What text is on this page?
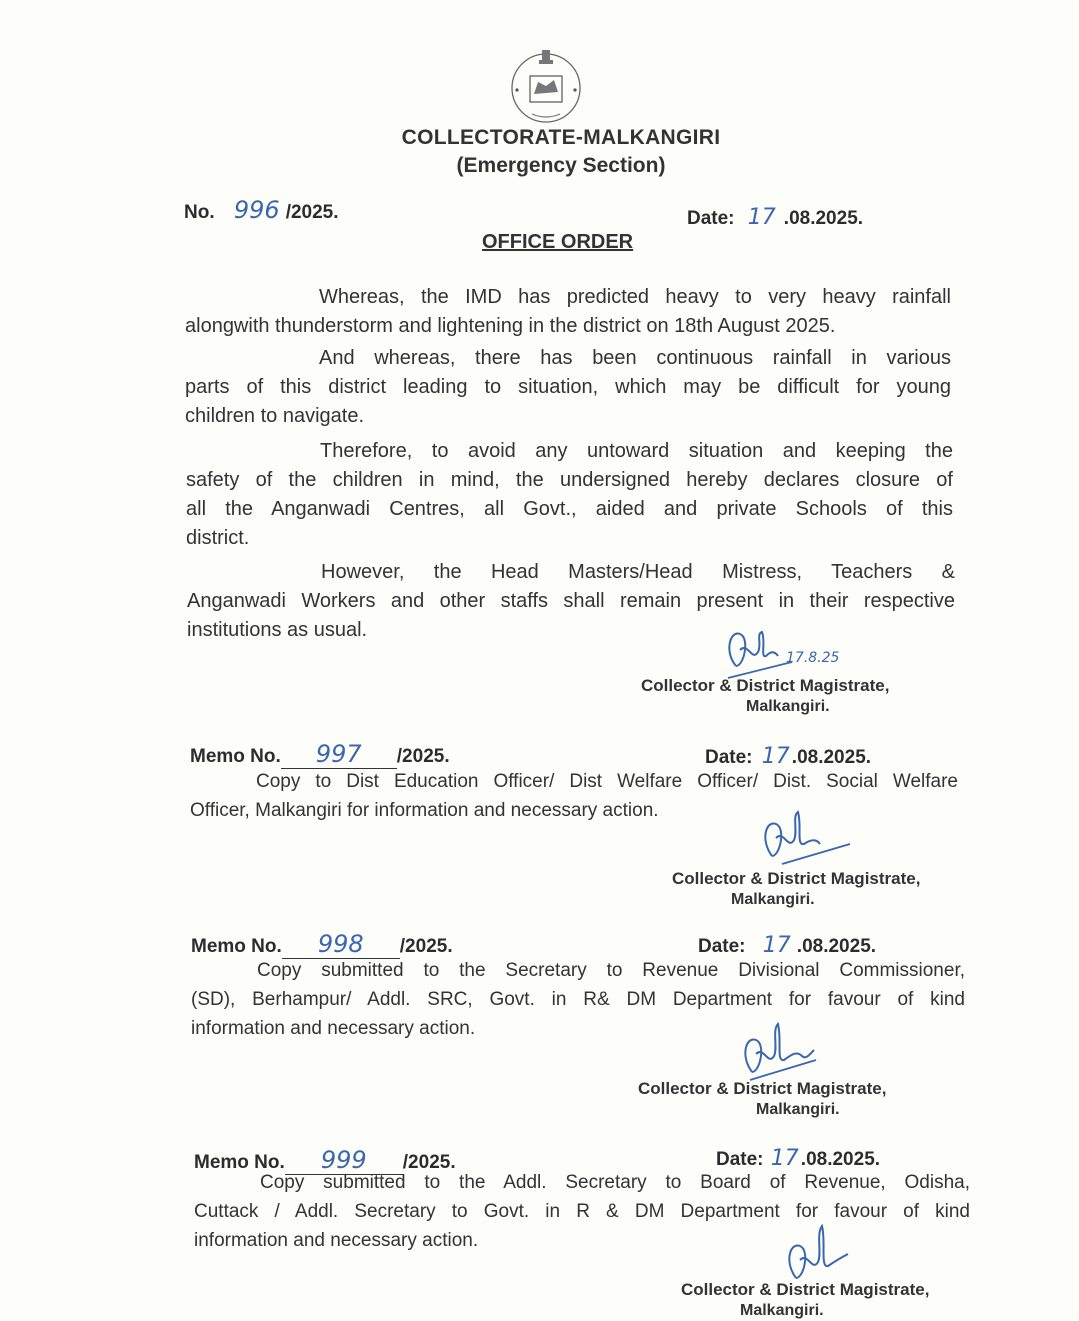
COLLECTORATE-MALKANGIRI
(Emergency Section)
No. 996 /2025.	Date: 17 .08.2025.
OFFICE ORDER
Whereas, the IMD has predicted heavy to very heavy rainfall
alongwith thunderstorm and lightening in the district on 18th August 2025.
And whereas, there has been continuous rainfall in various
parts of this district leading to situation, which may be difficult for young
children to navigate.
Therefore, to avoid any untoward situation and keeping the
safety of the children in mind, the undersigned hereby declares closure of
all the Anganwadi Centres, all Govt., aided and private Schools of this
district.
However, the Head Masters/Head Mistress, Teachers &
Anganwadi Workers and other staffs shall remain present in their respective
institutions as usual.
17.8.25
Collector & District Magistrate,
Malkangiri.
Memo No. 997 /2025.	Date: 17 .08.2025.
Copy to Dist Education Officer/ Dist Welfare Officer/ Dist. Social Welfare
Officer, Malkangiri for information and necessary action.
Collector & District Magistrate,
Malkangiri.
Memo No. 998 /2025.	Date: 17 .08.2025.
Copy submitted to the Secretary to Revenue Divisional Commissioner,
(SD), Berhampur/ Addl. SRC, Govt. in R& DM Department for favour of kind
information and necessary action.
Collector & District Magistrate,
Malkangiri.
Memo No. 999 /2025.	Date: 17 .08.2025.
Copy submitted to the Addl. Secretary to Board of Revenue, Odisha,
Cuttack / Addl. Secretary to Govt. in R & DM Department for favour of kind
information and necessary action.
Collector & District Magistrate,
Malkangiri.
